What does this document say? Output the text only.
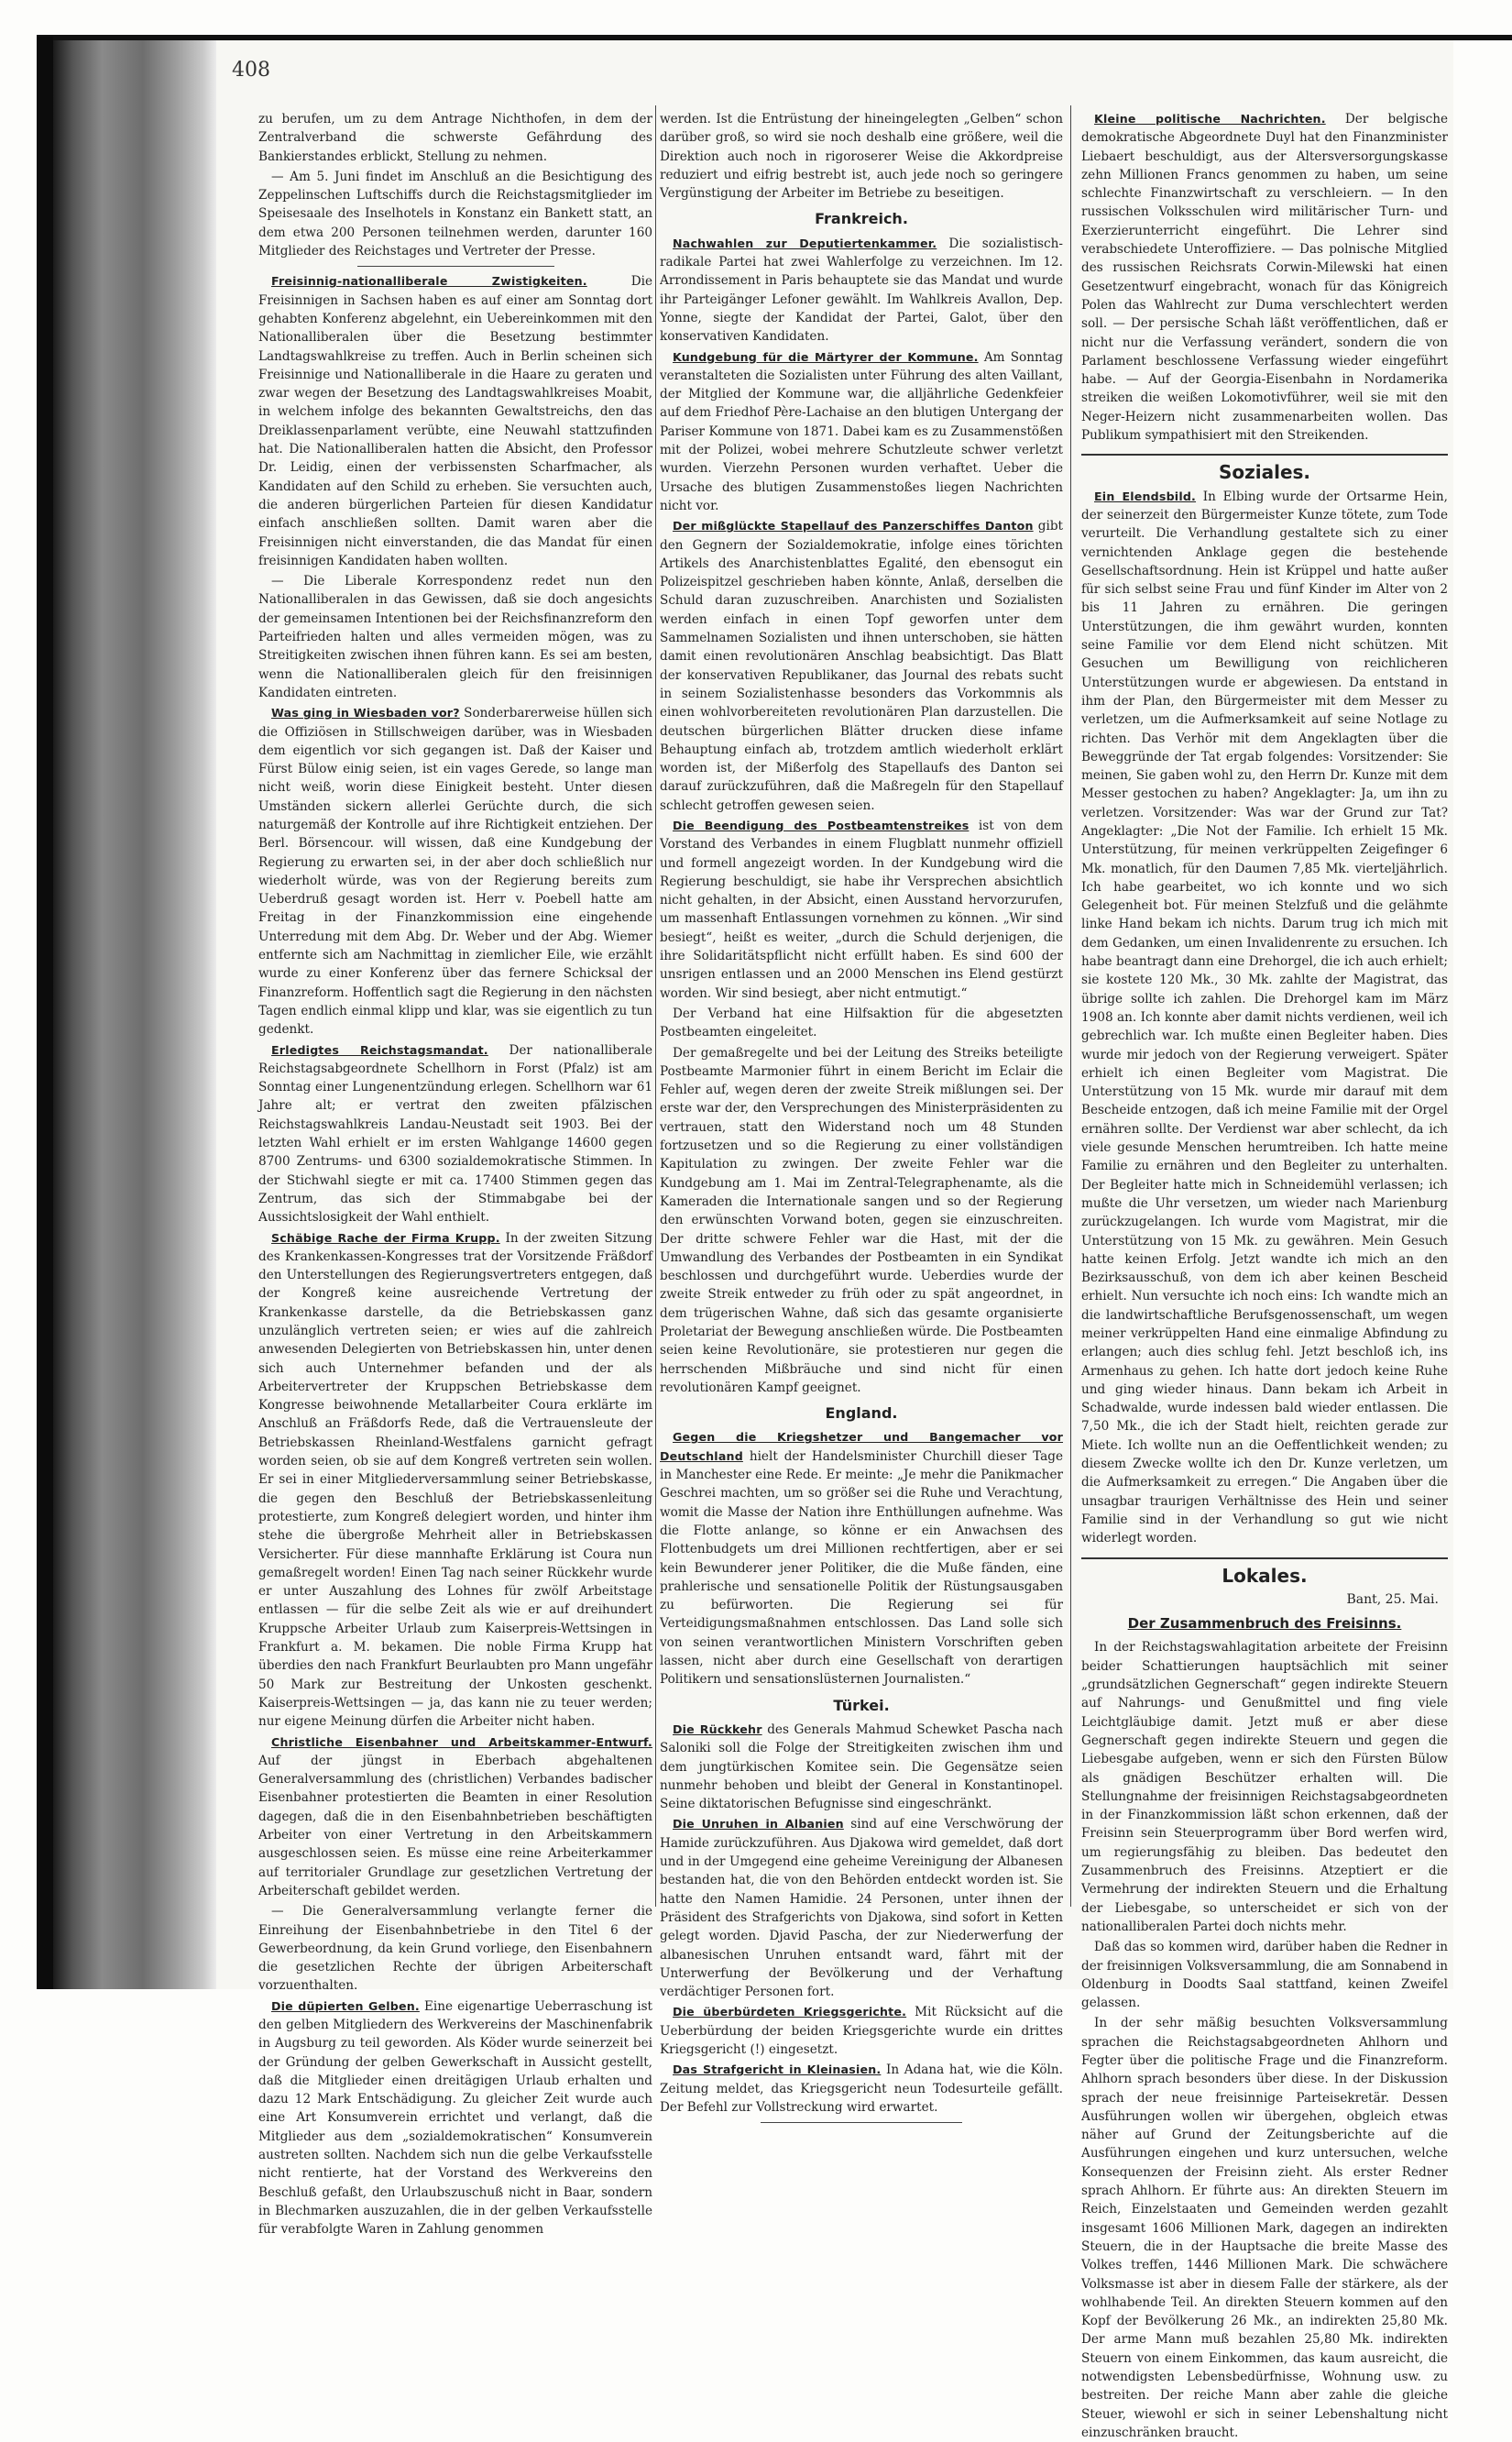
408

zu berufen, um zu dem Antrage Nichthofen, in dem der Zentralverband die schwerste Gefährdung des Bankierstandes erblickt, Stellung zu nehmen.

— Am 5. Juni findet im Anschluß an die Besichtigung des Zeppelinschen Luftschiffs durch die Reichstagsmitglieder im Speisesaale des Inselhotels in Konstanz ein Bankett statt, an dem etwa 200 Personen teilnehmen werden, darunter 160 Mitglieder des Reichstages und Vertreter der Presse.

Freisinnig-nationalliberale Zwistigkeiten.	Die Freisinnigen in Sachsen haben es auf einer am Sonntag dort gehabten Konferenz abgelehnt, ein Uebereinkommen mit den Nationalliberalen über die Besetzung bestimmter Landtagswahlkreise zu treffen. Auch in Berlin scheinen sich Freisinnige und Nationalliberale in die Haare zu geraten und zwar wegen der Besetzung des Landtagswahlkreises Moabit, in welchem infolge des bekannten Gewaltstreichs, den das Dreiklassenparlament verübte, eine Neuwahl stattzufinden hat. Die Nationalliberalen hatten die Absicht, den Professor Dr. Leidig, einen der verbissensten Scharfmacher, als Kandidaten auf den Schild zu erheben. Sie versuchten auch, die anderen bürgerlichen Parteien für diesen Kandidatur einfach anschließen sollten. Damit waren aber die Freisinnigen nicht einverstanden, die das Mandat für einen freisinnigen Kandidaten haben wollten.

— Die Liberale Korrespondenz redet nun den Nationalliberalen in das Gewissen, daß sie doch angesichts der gemeinsamen Intentionen bei der Reichsfinanzreform den Parteifrieden halten und alles vermeiden mögen, was zu Streitigkeiten zwischen ihnen führen kann. Es sei am besten, wenn die Nationalliberalen gleich für den freisinnigen Kandidaten eintreten.

Was ging in Wiesbaden vor? Sonderbarerweise hüllen sich die Offiziösen in Stillschweigen darüber, was in Wiesbaden dem eigentlich vor sich gegangen ist. Daß der Kaiser und Fürst Bülow einig seien, ist ein vages Gerede, so lange man nicht weiß, worin diese Einigkeit besteht. Unter diesen Umständen sickern allerlei Gerüchte durch, die sich naturgemäß der Kontrolle auf ihre Richtigkeit entziehen. Der Berl. Börsencour. will wissen, daß eine Kundgebung der Regierung zu erwarten sei, in der aber doch schließlich nur wiederholt würde, was von der Regierung bereits zum Ueberdruß gesagt worden ist. Herr v. Poebell hatte am Freitag in der Finanzkommission eine eingehende Unterredung mit dem Abg. Dr. Weber und der Abg. Wiemer entfernte sich am Nachmittag in ziemlicher Eile, wie erzählt wurde zu einer Konferenz über das fernere Schicksal der Finanzreform. Hoffentlich sagt die Regierung in den nächsten Tagen endlich einmal klipp und klar, was sie eigentlich zu tun gedenkt.

Erledigtes Reichstagsmandat. Der nationalliberale Reichstagsabgeordnete Schellhorn in Forst (Pfalz) ist am Sonntag einer Lungenentzündung erlegen. Schellhorn war 61 Jahre alt; er vertrat den zweiten pfälzischen Reichstagswahlkreis Landau-Neustadt seit 1903. Bei der letzten Wahl erhielt er im ersten Wahlgange 14600 gegen 8700 Zentrums- und 6300 sozialdemokratische Stimmen. In der Stichwahl siegte er mit ca. 17400 Stimmen gegen das Zentrum, das sich der Stimmabgabe bei der Aussichtslosigkeit der Wahl enthielt.

Schäbige Rache der Firma Krupp. In der zweiten Sitzung des Krankenkassen-Kongresses trat der Vorsitzende Fräßdorf den Unterstellungen des Regierungsvertreters entgegen, daß der Kongreß keine ausreichende Vertretung der Krankenkasse darstelle, da die Betriebskassen ganz unzulänglich vertreten seien; er wies auf die zahlreich anwesenden Delegierten von Betriebskassen hin, unter denen sich auch Unternehmer befanden und der als Arbeitervertreter der Kruppschen Betriebskasse dem Kongresse beiwohnende Metallarbeiter Coura erklärte im Anschluß an Fräßdorfs Rede, daß die Vertrauensleute der Betriebskassen Rheinland-Westfalens garnicht gefragt worden seien, ob sie auf dem Kongreß vertreten sein wollen. Er sei in einer Mitgliederversammlung seiner Betriebskasse, die gegen den Beschluß der Betriebskassenleitung protestierte, zum Kongreß delegiert worden, und hinter ihm stehe die übergroße Mehrheit aller in Betriebskassen Versicherter. Für diese mannhafte Erklärung ist Coura nun gemaßregelt worden! Einen Tag nach seiner Rückkehr wurde er unter Auszahlung des Lohnes für zwölf Arbeitstage entlassen — für die selbe Zeit als wie er auf dreihundert Kruppsche Arbeiter Urlaub zum Kaiserpreis-Wettsingen in Frankfurt a. M. bekamen. Die noble Firma Krupp hat überdies den nach Frankfurt Beurlaubten pro Mann ungefähr 50 Mark zur Bestreitung der Unkosten geschenkt. Kaiserpreis-Wettsingen — ja, das kann nie zu teuer werden; nur eigene Meinung dürfen die Arbeiter nicht haben.

Christliche Eisenbahner und Arbeitskammer-Entwurf. Auf der jüngst in Eberbach abgehaltenen Generalversammlung des (christlichen) Verbandes badischer Eisenbahner protestierten die Beamten in einer Resolution dagegen, daß die in den Eisenbahnbetrieben beschäftigten Arbeiter von einer Vertretung in den Arbeitskammern ausgeschlossen seien. Es müsse eine reine Arbeiterkammer auf territorialer Grundlage zur gesetzlichen Vertretung der Arbeiterschaft gebildet werden.

— Die Generalversammlung verlangte ferner die Einreihung der Eisenbahnbetriebe in den Titel 6 der Gewerbeordnung, da kein Grund vorliege, den Eisenbahnern die gesetzlichen Rechte der übrigen Arbeiterschaft vorzuenthalten.

Die düpierten Gelben. Eine eigenartige Ueberraschung ist den gelben Mitgliedern des Werkvereins der Maschinenfabrik in Augsburg zu teil geworden. Als Köder wurde seinerzeit bei der Gründung der gelben Gewerkschaft in Aussicht gestellt, daß die Mitglieder einen dreitägigen Urlaub erhalten und dazu 12 Mark Entschädigung. Zu gleicher Zeit wurde auch eine Art Konsumverein errichtet und verlangt, daß die Mitglieder aus dem „sozialdemokratischen“ Konsumverein austreten sollten. Nachdem sich nun die gelbe Verkaufsstelle nicht rentierte, hat der Vorstand des Werkvereins den Beschluß gefaßt, den Urlaubszuschuß nicht in Baar, sondern in Blechmarken auszuzahlen, die in der gelben Verkaufsstelle für verabfolgte Waren in Zahlung genommen

werden. Ist die Entrüstung der hineingelegten „Gelben“ schon darüber groß, so wird sie noch deshalb eine größere, weil die Direktion auch noch in rigoroserer Weise die Akkordpreise reduziert und eifrig bestrebt ist, auch jede noch so geringere Vergünstigung der Arbeiter im Betriebe zu beseitigen.

Frankreich.

Nachwahlen zur Deputiertenkammer. Die sozialistisch-radikale Partei hat zwei Wahlerfolge zu verzeichnen. Im 12. Arrondissement in Paris behauptete sie das Mandat und wurde ihr Parteigänger Lefoner gewählt. Im Wahlkreis Avallon, Dep. Yonne, siegte der Kandidat der Partei, Galot, über den konservativen Kandidaten.

Kundgebung für die Märtyrer der Kommune. Am Sonntag veranstalteten die Sozialisten unter Führung des alten Vaillant, der Mitglied der Kommune war, die alljährliche Gedenkfeier auf dem Friedhof Père-Lachaise an den blutigen Untergang der Pariser Kommune von 1871. Dabei kam es zu Zusammenstößen mit der Polizei, wobei mehrere Schutzleute schwer verletzt wurden. Vierzehn Personen wurden verhaftet. Ueber die Ursache des blutigen Zusammenstoßes liegen Nachrichten nicht vor.

Der mißglückte Stapellauf des Panzerschiffes Danton gibt den Gegnern der Sozialdemokratie, infolge eines törichten Artikels des Anarchistenblattes Egalité, den ebensogut ein Polizeispitzel geschrieben haben könnte, Anlaß, derselben die Schuld daran zuzuschreiben. Anarchisten und Sozialisten werden einfach in einen Topf geworfen unter dem Sammelnamen Sozialisten und ihnen unterschoben, sie hätten damit einen revolutionären Anschlag beabsichtigt. Das Blatt der konservativen Republikaner, das Journal des rebats sucht in seinem Sozialistenhasse besonders das Vorkommnis als einen wohlvorbereiteten revolutionären Plan darzustellen. Die deutschen bürgerlichen Blätter drucken diese infame Behauptung einfach ab, trotzdem amtlich wiederholt erklärt worden ist, der Mißerfolg des Stapellaufs des Danton sei darauf zurückzuführen, daß die Maßregeln für den Stapellauf schlecht getroffen gewesen seien.

Die Beendigung des Postbeamtenstreikes ist von dem Vorstand des Verbandes in einem Flugblatt nunmehr offiziell und formell angezeigt worden. In der Kundgebung wird die Regierung beschuldigt, sie habe ihr Versprechen absichtlich nicht gehalten, in der Absicht, einen Ausstand hervorzurufen, um massenhaft Entlassungen vornehmen zu können. „Wir sind besiegt“, heißt es weiter, „durch die Schuld derjenigen, die ihre Solidaritätspflicht nicht erfüllt haben. Es sind 600 der unsrigen entlassen und an 2000 Menschen ins Elend gestürzt worden. Wir sind besiegt, aber nicht entmutigt.“

Der Verband hat eine Hilfsaktion für die abgesetzten Postbeamten eingeleitet.

Der gemaßregelte und bei der Leitung des Streiks beteiligte Postbeamte Marmonier führt in einem Bericht im Eclair die Fehler auf, wegen deren der zweite Streik mißlungen sei. Der erste war der, den Versprechungen des Ministerpräsidenten zu vertrauen, statt den Widerstand noch um 48 Stunden fortzusetzen und so die Regierung zu einer vollständigen Kapitulation zu zwingen. Der zweite Fehler war die Kundgebung am 1. Mai im Zentral-Telegraphenamte, als die Kameraden die Internationale sangen und so der Regierung den erwünschten Vorwand boten, gegen sie einzuschreiten. Der dritte schwere Fehler war die Hast, mit der die Umwandlung des Verbandes der Postbeamten in ein Syndikat beschlossen und durchgeführt wurde. Ueberdies wurde der zweite Streik entweder zu früh oder zu spät angeordnet, in dem trügerischen Wahne, daß sich das gesamte organisierte Proletariat der Bewegung anschließen würde. Die Postbeamten seien keine Revolutionäre, sie protestieren nur gegen die herrschenden Mißbräuche und sind nicht für einen revolutionären Kampf geeignet.

England.

Gegen die Kriegshetzer und Bangemacher vor Deutschland hielt der Handelsminister Churchill dieser Tage in Manchester eine Rede. Er meinte: „Je mehr die Panikmacher Geschrei machten, um so größer sei die Ruhe und Verachtung, womit die Masse der Nation ihre Enthüllungen aufnehme. Was die Flotte anlange, so könne er ein Anwachsen des Flottenbudgets um drei Millionen rechtfertigen, aber er sei kein Bewunderer jener Politiker, die die Muße fänden, eine prahlerische und sensationelle Politik der Rüstungsausgaben zu befürworten. Die Regierung sei für Verteidigungsmaßnahmen entschlossen. Das Land solle sich von seinen verantwortlichen Ministern Vorschriften geben lassen, nicht aber durch eine Gesellschaft von derartigen Politikern und sensationslüsternen Journalisten.“

Türkei.

Die Rückkehr des Generals Mahmud Schewket Pascha nach Saloniki soll die Folge der Streitigkeiten zwischen ihm und dem jungtürkischen Komitee sein. Die Gegensätze seien nunmehr behoben und bleibt der General in Konstantinopel. Seine diktatorischen Befugnisse sind eingeschränkt.

Die Unruhen in Albanien sind auf eine Verschwörung der Hamide zurückzuführen. Aus Djakowa wird gemeldet, daß dort und in der Umgegend eine geheime Vereinigung der Albanesen bestanden hat, die von den Behörden entdeckt worden ist. Sie hatte den Namen Hamidie. 24 Personen, unter ihnen der Präsident des Strafgerichts von Djakowa, sind sofort in Ketten gelegt worden. Djavid Pascha, der zur Niederwerfung der albanesischen Unruhen entsandt ward, fährt mit der Unterwerfung der Bevölkerung und der Verhaftung verdächtiger Personen fort.

Die überbürdeten Kriegsgerichte. Mit Rücksicht auf die Ueberbürdung der beiden Kriegsgerichte wurde ein drittes Kriegsgericht (!) eingesetzt.

Das Strafgericht in Kleinasien. In Adana hat, wie die Köln. Zeitung meldet, das Kriegsgericht neun Todesurteile gefällt. Der Befehl zur Vollstreckung wird erwartet.

Kleine politische Nachrichten. Der belgische demokratische Abgeordnete Duyl hat den Finanzminister Liebaert beschuldigt, aus der Altersversorgungskasse zehn Millionen Francs genommen zu haben, um seine schlechte Finanzwirtschaft zu verschleiern. — In den russischen Volksschulen wird militärischer Turn- und Exerzierunterricht eingeführt. Die Lehrer sind verabschiedete Unteroffiziere. — Das polnische Mitglied des russischen Reichsrats Corwin-Milewski hat einen Gesetzentwurf eingebracht, wonach für das Königreich Polen das Wahlrecht zur Duma verschlechtert werden soll. — Der persische Schah läßt veröffentlichen, daß er nicht nur die Verfassung verändert, sondern die von Parlament beschlossene Verfassung wieder eingeführt habe. — Auf der Georgia-Eisenbahn in Nordamerika streiken die weißen Lokomotivführer, weil sie mit den Neger-Heizern nicht zusammenarbeiten wollen. Das Publikum sympathisiert mit den Streikenden.

Soziales.

Ein Elendsbild. In Elbing wurde der Ortsarme Hein, der seinerzeit den Bürgermeister Kunze tötete, zum Tode verurteilt. Die Verhandlung gestaltete sich zu einer vernichtenden Anklage gegen die bestehende Gesellschaftsordnung. Hein ist Krüppel und hatte außer für sich selbst seine Frau und fünf Kinder im Alter von 2 bis 11 Jahren zu ernähren. Die geringen Unterstützungen, die ihm gewährt wurden, konnten seine Familie vor dem Elend nicht schützen. Mit Gesuchen um Bewilligung von reichlicheren Unterstützungen wurde er abgewiesen. Da entstand in ihm der Plan, den Bürgermeister mit dem Messer zu verletzen, um die Aufmerksamkeit auf seine Notlage zu richten. Das Verhör mit dem Angeklagten über die Beweggründe der Tat ergab folgendes: Vorsitzender: Sie meinen, Sie gaben wohl zu, den Herrn Dr. Kunze mit dem Messer gestochen zu haben? Angeklagter: Ja, um ihn zu verletzen. Vorsitzender: Was war der Grund zur Tat? Angeklagter: „Die Not der Familie. Ich erhielt 15 Mk. Unterstützung, für meinen verkrüppelten Zeigefinger 6 Mk. monatlich, für den Daumen 7,85 Mk. vierteljährlich. Ich habe gearbeitet, wo ich konnte und wo sich Gelegenheit bot. Für meinen Stelzfuß und die gelähmte linke Hand bekam ich nichts. Darum trug ich mich mit dem Gedanken, um einen Invalidenrente zu ersuchen. Ich habe beantragt dann eine Drehorgel, die ich auch erhielt; sie kostete 120 Mk., 30 Mk. zahlte der Magistrat, das übrige sollte ich zahlen. Die Drehorgel kam im März 1908 an. Ich konnte aber damit nichts verdienen, weil ich gebrechlich war. Ich mußte einen Begleiter haben. Dies wurde mir jedoch von der Regierung verweigert. Später erhielt ich einen Begleiter vom Magistrat. Die Unterstützung von 15 Mk. wurde mir darauf mit dem Bescheide entzogen, daß ich meine Familie mit der Orgel ernähren sollte. Der Verdienst war aber schlecht, da ich viele gesunde Menschen herumtreiben. Ich hatte meine Familie zu ernähren und den Begleiter zu unterhalten. Der Begleiter hatte mich in Schneidemühl verlassen; ich mußte die Uhr versetzen, um wieder nach Marienburg zurückzugelangen. Ich wurde vom Magistrat, mir die Unterstützung von 15 Mk. zu gewähren. Mein Gesuch hatte keinen Erfolg. Jetzt wandte ich mich an den Bezirksausschuß, von dem ich aber keinen Bescheid erhielt. Nun versuchte ich noch eins: Ich wandte mich an die landwirtschaftliche Berufsgenossenschaft, um wegen meiner verkrüppelten Hand eine einmalige Abfindung zu erlangen; auch dies schlug fehl. Jetzt beschloß ich, ins Armenhaus zu gehen. Ich hatte dort jedoch keine Ruhe und ging wieder hinaus. Dann bekam ich Arbeit in Schadwalde, wurde indessen bald wieder entlassen. Die 7,50 Mk., die ich der Stadt hielt, reichten gerade zur Miete. Ich wollte nun an die Oeffentlichkeit wenden; zu diesem Zwecke wollte ich den Dr. Kunze verletzen, um die Aufmerksamkeit zu erregen.“ Die Angaben über die unsagbar traurigen Verhältnisse des Hein und seiner Familie sind in der Verhandlung so gut wie nicht widerlegt worden.

Lokales.
Bant, 25. Mai.
Der Zusammenbruch des Freisinns.

In der Reichstagswahlagitation arbeitete der Freisinn beider Schattierungen hauptsächlich mit seiner „grundsätzlichen Gegnerschaft“ gegen indirekte Steuern auf Nahrungs- und Genußmittel und fing viele Leichtgläubige damit. Jetzt muß er aber diese Gegnerschaft gegen indirekte Steuern und gegen die Liebesgabe aufgeben, wenn er sich den Fürsten Bülow als gnädigen Beschützer erhalten will. Die Stellungnahme der freisinnigen Reichstagsabgeordneten in der Finanzkommission läßt schon erkennen, daß der Freisinn sein Steuerprogramm über Bord werfen wird, um regierungsfähig zu bleiben. Das bedeutet den Zusammenbruch des Freisinns. Atzeptiert er die Vermehrung der indirekten Steuern und die Erhaltung der Liebesgabe, so unterscheidet er sich von der nationalliberalen Partei doch nichts mehr.

Daß das so kommen wird, darüber haben die Redner in der freisinnigen Volksversammlung, die am Sonnabend in Oldenburg in Doodts Saal stattfand, keinen Zweifel gelassen.

In der sehr mäßig besuchten Volksversammlung sprachen die Reichstagsabgeordneten Ahlhorn und Fegter über die politische Frage und die Finanzreform. Ahlhorn sprach besonders über diese. In der Diskussion sprach der neue freisinnige Parteisekretär. Dessen Ausführungen wollen wir übergehen, obgleich etwas näher auf Grund der Zeitungsberichte auf die Ausführungen eingehen und kurz untersuchen, welche Konsequenzen der Freisinn zieht. Als erster Redner sprach Ahlhorn. Er führte aus: An direkten Steuern im Reich, Einzelstaaten und Gemeinden werden gezahlt insgesamt 1606 Millionen Mark, dagegen an indirekten Steuern, die in der Hauptsache die breite Masse des Volkes treffen, 1446 Millionen Mark. Die schwächere Volksmasse ist aber in diesem Falle der stärkere, als der wohlhabende Teil. An direkten Steuern kommen auf den Kopf der Bevölkerung 26 Mk., an indirekten 25,80 Mk. Der arme Mann muß bezahlen 25,80 Mk. indirekten Steuern von einem Einkommen, das kaum ausreicht, die notwendigsten Lebensbedürfnisse, Wohnung usw. zu bestreiten. Der reiche Mann aber zahle die gleiche Steuer, wiewohl er sich in seiner Lebenshaltung nicht einzuschränken braucht.
